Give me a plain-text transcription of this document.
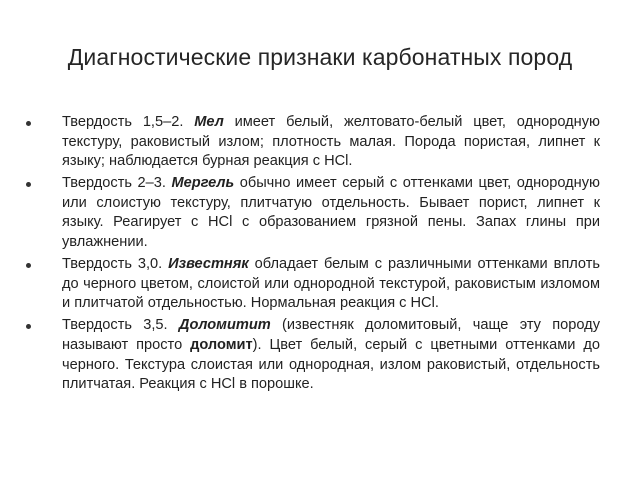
Диагностические признаки карбонатных пород
Твердость 1,5–2. Мел имеет белый, желтовато-белый цвет, однородную текстуру, раковистый излом; плотность малая. Порода пористая, липнет к языку; наблюдается бурная реакция с HCl.
Твердость 2–3. Мергель обычно имеет серый с оттенками цвет, однородную или слоистую текстуру, плитчатую отдельность. Бывает порист, липнет к языку. Реагирует с HCl с образованием грязной пены. Запах глины при увлажнении.
Твердость 3,0. Известняк обладает белым с различными оттенками вплоть до черного цветом, слоистой или однородной текстурой, раковистым изломом и плитчатой отдельностью. Нормальная реакция с HCl.
Твердость 3,5. Доломитит (известняк доломитовый, чаще эту породу называют просто доломит). Цвет белый, серый с цветными оттенками до черного. Текстура слоистая или однородная, излом раковистый, отдельность плитчатая. Реакция с HCl в порошке.
